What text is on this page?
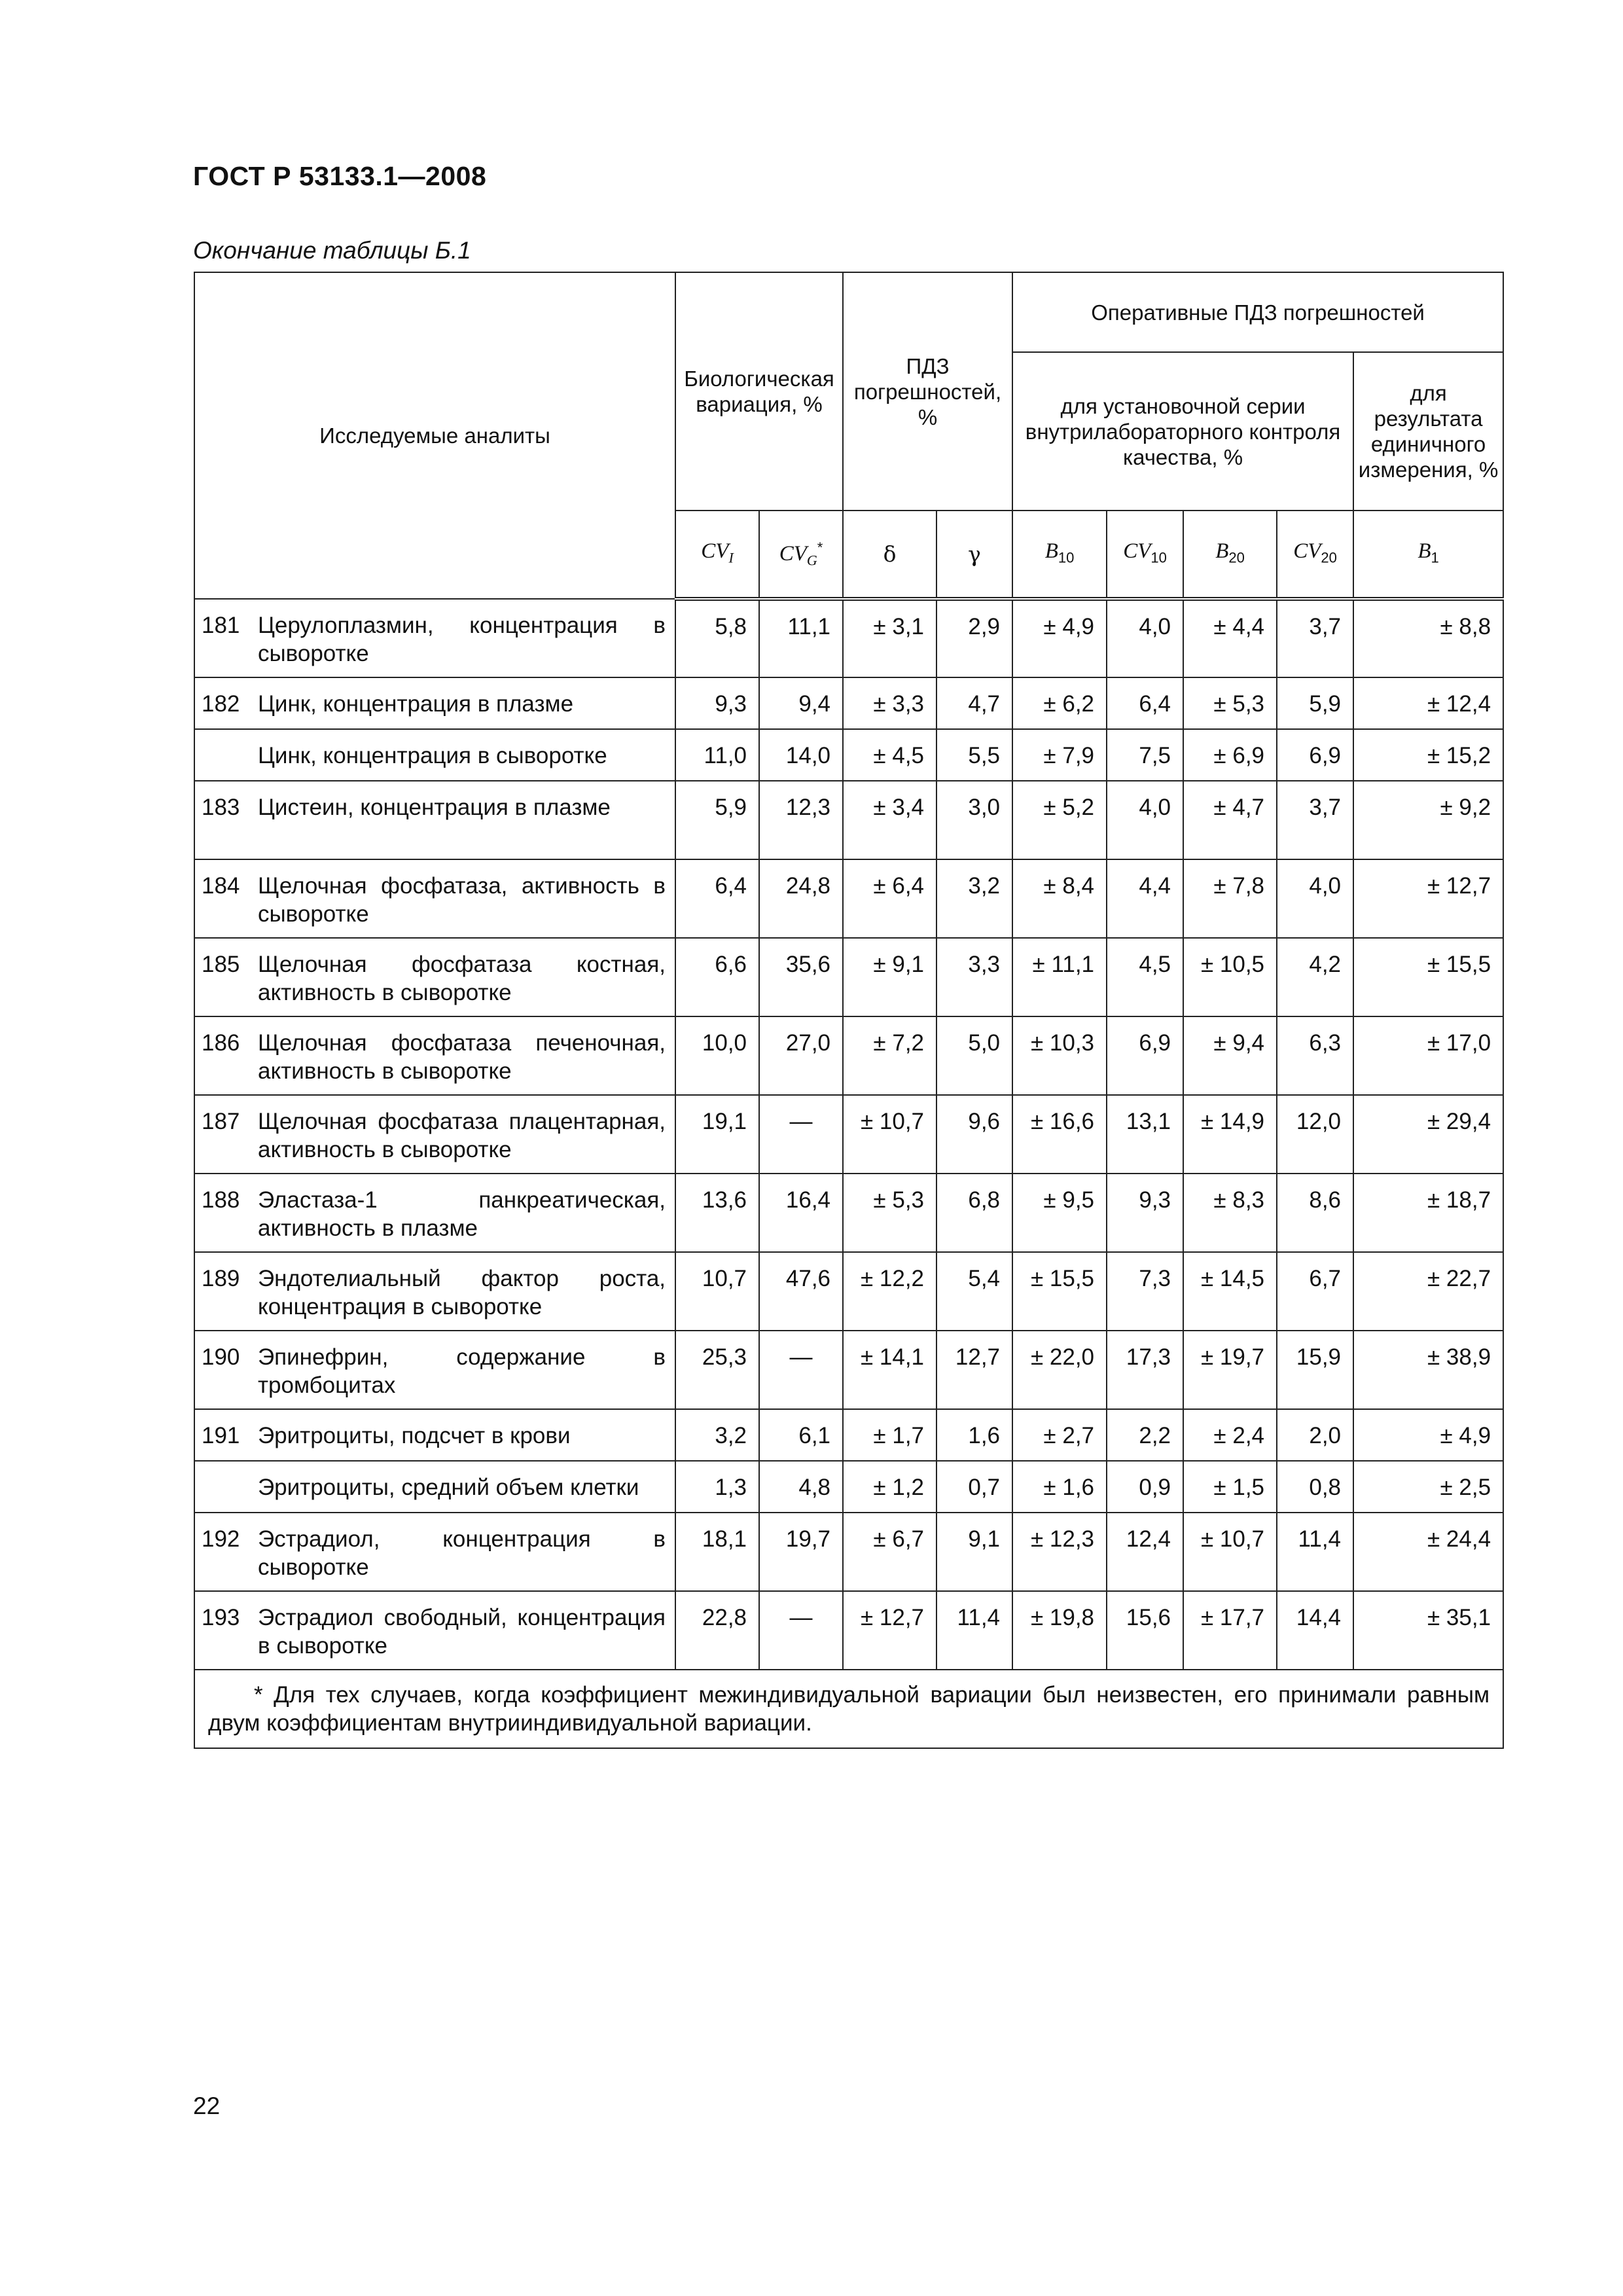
ГОСТ Р 53133.1—2008
Окончание таблицы Б.1
Исследуемые аналиты		Биологическая вариация, %		ПДЗ погрешностей, %		Оперативные ПДЗ погрешностей				
						для установочной серии внутрилабораторного контроля качества, %				для результата единичного измерения, %
		$CV_I$	$CV_G^*$	δ	γ	$B_{10}$	$CV_{10}$	$B_{20}$	$CV_{20}$	$B_1$
181	Церулоплазмин, концентрация в сыворотке	5,8	11,1	± 3,1	2,9	± 4,9	4,0	± 4,4	3,7	± 8,8
182	Цинк, концентрация в плазме	9,3	9,4	± 3,3	4,7	± 6,2	6,4	± 5,3	5,9	± 12,4
	Цинк, концентрация в сыворотке	11,0	14,0	± 4,5	5,5	± 7,9	7,5	± 6,9	6,9	± 15,2
183	Цистеин, концентрация в плазме	5,9	12,3	± 3,4	3,0	± 5,2	4,0	± 4,7	3,7	± 9,2
184	Щелочная фосфатаза, активность в сыворотке	6,4	24,8	± 6,4	3,2	± 8,4	4,4	± 7,8	4,0	± 12,7
185	Щелочная фосфатаза костная, активность в сыворотке	6,6	35,6	± 9,1	3,3	± 11,1	4,5	± 10,5	4,2	± 15,5
186	Щелочная фосфатаза печеночная, активность в сыворотке	10,0	27,0	± 7,2	5,0	± 10,3	6,9	± 9,4	6,3	± 17,0
187	Щелочная фосфатаза плацентарная, активность в сыворотке	19,1	—	± 10,7	9,6	± 16,6	13,1	± 14,9	12,0	± 29,4
188	Эластаза-1 панкреатическая, активность в плазме	13,6	16,4	± 5,3	6,8	± 9,5	9,3	± 8,3	8,6	± 18,7
189	Эндотелиальный фактор роста, концентрация в сыворотке	10,7	47,6	± 12,2	5,4	± 15,5	7,3	± 14,5	6,7	± 22,7
190	Эпинефрин, содержание в тромбоцитах	25,3	—	± 14,1	12,7	± 22,0	17,3	± 19,7	15,9	± 38,9
191	Эритроциты, подсчет в крови	3,2	6,1	± 1,7	1,6	± 2,7	2,2	± 2,4	2,0	± 4,9
	Эритроциты, средний объем клетки	1,3	4,8	± 1,2	0,7	± 1,6	0,9	± 1,5	0,8	± 2,5
192	Эстрадиол, концентрация в сыворотке	18,1	19,7	± 6,7	9,1	± 12,3	12,4	± 10,7	11,4	± 24,4
193	Эстрадиол свободный, концентрация в сыворотке	22,8	—	± 12,7	11,4	± 19,8	15,6	± 17,7	14,4	± 35,1
* Для тех случаев, когда коэффициент межиндивидуальной вариации был неизвестен, его принимали равным двум коэффициентам внутрииндивидуальной вариации.										
22
